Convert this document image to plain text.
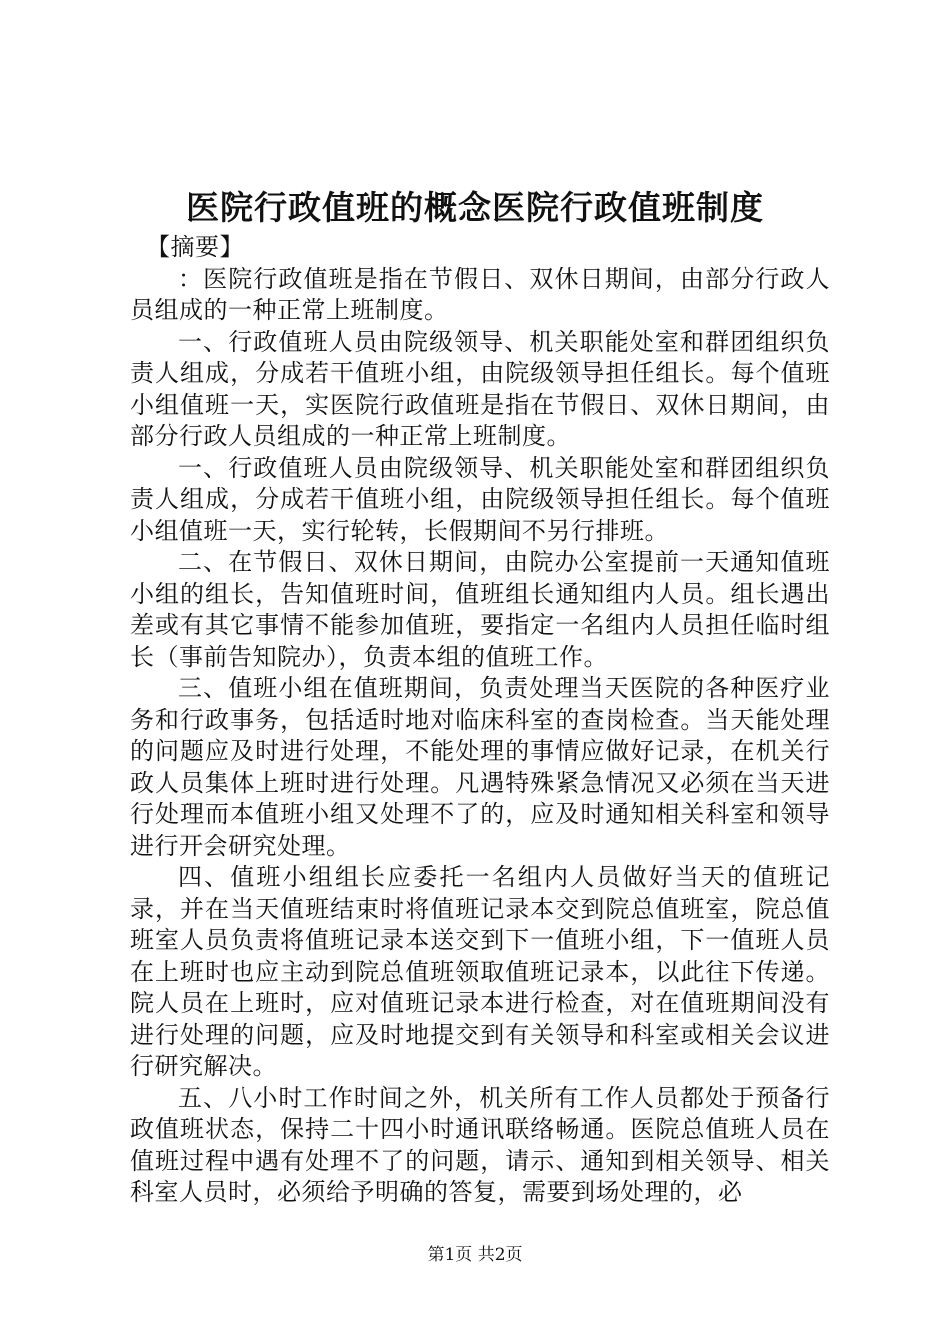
医院行政值班的概念医院行政值班制度

【摘要】

：医院行政值班是指在节假日、双休日期间，由部分行政人员组成的一种正常上班制度。

一、行政值班人员由院级领导、机关职能处室和群团组织负责人组成，分成若干值班小组，由院级领导担任组长。每个值班小组值班一天，实医院行政值班是指在节假日、双休日期间，由部分行政人员组成的一种正常上班制度。

一、行政值班人员由院级领导、机关职能处室和群团组织负责人组成，分成若干值班小组，由院级领导担任组长。每个值班小组值班一天，实行轮转，长假期间不另行排班。

二、在节假日、双休日期间，由院办公室提前一天通知值班小组的组长，告知值班时间，值班组长通知组内人员。组长遇出差或有其它事情不能参加值班，要指定一名组内人员担任临时组长（事前告知院办），负责本组的值班工作。

三、值班小组在值班期间，负责处理当天医院的各种医疗业务和行政事务，包括适时地对临床科室的查岗检查。当天能处理的问题应及时进行处理，不能处理的事情应做好记录，在机关行政人员集体上班时进行处理。凡遇特殊紧急情况又必须在当天进行处理而本值班小组又处理不了的，应及时通知相关科室和领导进行开会研究处理。

四、值班小组组长应委托一名组内人员做好当天的值班记录，并在当天值班结束时将值班记录本交到院总值班室，院总值班室人员负责将值班记录本送交到下一值班小组，下一值班人员在上班时也应主动到院总值班领取值班记录本，以此往下传递。院人员在上班时，应对值班记录本进行检查，对在值班期间没有进行处理的问题，应及时地提交到有关领导和科室或相关会议进行研究解决。

五、八小时工作时间之外，机关所有工作人员都处于预备行政值班状态，保持二十四小时通讯联络畅通。医院总值班人员在值班过程中遇有处理不了的问题，请示、通知到相关领导、相关科室人员时，必须给予明确的答复，需要到场处理的，必

第1页 共2页
